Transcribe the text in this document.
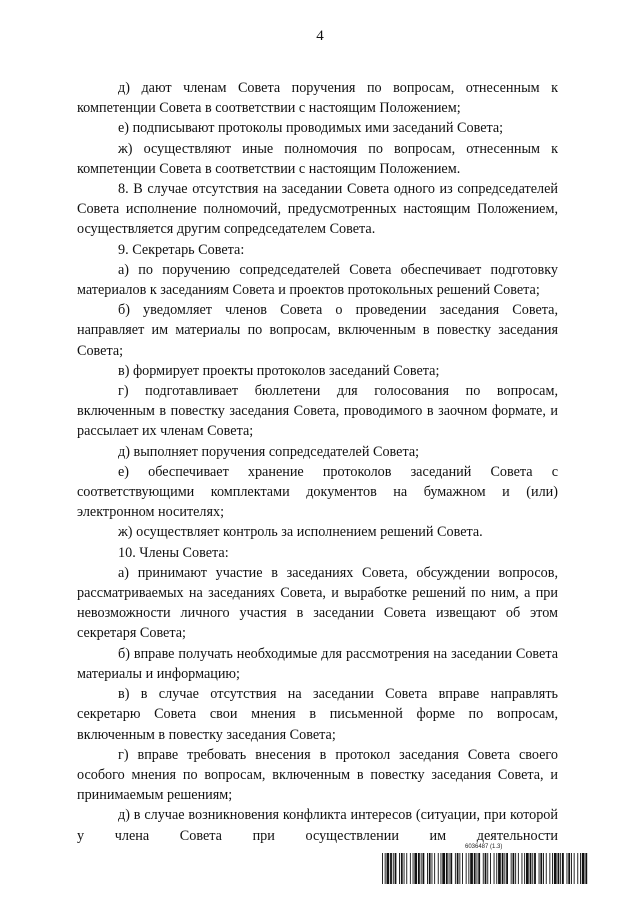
4

д) дают членам Совета поручения по вопросам, отнесенным к компетенции Совета в соответствии с настоящим Положением;

е) подписывают протоколы проводимых ими заседаний Совета;

ж) осуществляют иные полномочия по вопросам, отнесенным к компетенции Совета в соответствии с настоящим Положением.

8. В случае отсутствия на заседании Совета одного из сопредседателей Совета исполнение полномочий, предусмотренных настоящим Положением, осуществляется другим сопредседателем Совета.

9. Секретарь Совета:

а) по поручению сопредседателей Совета обеспечивает подготовку материалов к заседаниям Совета и проектов протокольных решений Совета;

б) уведомляет членов Совета о проведении заседания Совета, направляет им материалы по вопросам, включенным в повестку заседания Совета;

в) формирует проекты протоколов заседаний Совета;

г) подготавливает бюллетени для голосования по вопросам, включенным в повестку заседания Совета, проводимого в заочном формате, и рассылает их членам Совета;

д) выполняет поручения сопредседателей Совета;

е) обеспечивает хранение протоколов заседаний Совета с соответствующими комплектами документов на бумажном и (или) электронном носителях;

ж) осуществляет контроль за исполнением решений Совета.

10. Члены Совета:

а) принимают участие в заседаниях Совета, обсуждении вопросов, рассматриваемых на заседаниях Совета, и выработке решений по ним, а при невозможности личного участия в заседании Совета извещают об этом секретаря Совета;

б) вправе получать необходимые для рассмотрения на заседании Совета материалы и информацию;

в) в случае отсутствия на заседании Совета вправе направлять секретарю Совета свои мнения в письменной форме по вопросам, включенным в повестку заседания Совета;

г) вправе требовать внесения в протокол заседания Совета своего особого мнения по вопросам, включенным в повестку заседания Совета, и принимаемым решениям;

д) в случае возникновения конфликта интересов (ситуации, при которой у члена Совета при осуществлении им деятельности

6036487 (1.3)
